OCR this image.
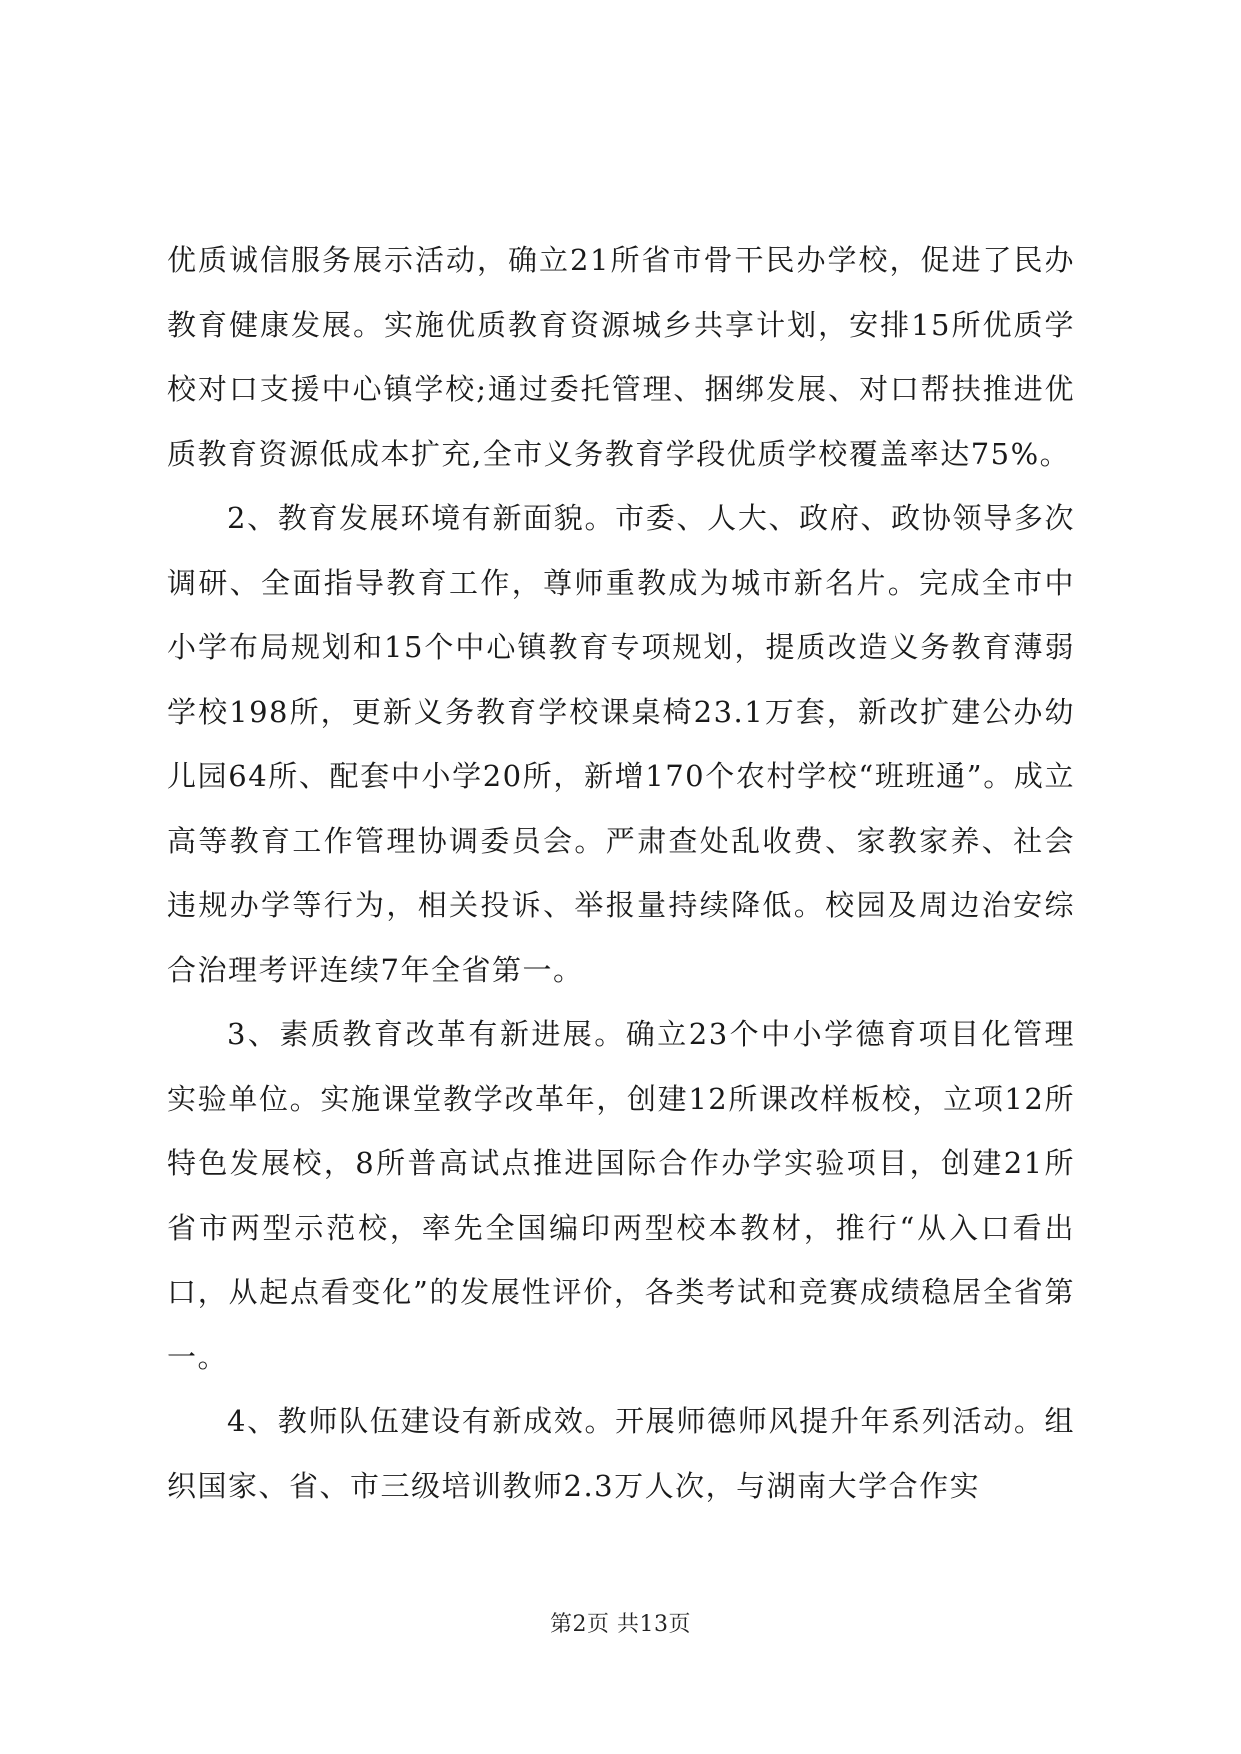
优质诚信服务展示活动，确立21所省市骨干民办学校，促进了民办教育健康发展。实施优质教育资源城乡共享计划，安排15所优质学校对口支援中心镇学校;通过委托管理、捆绑发展、对口帮扶推进优质教育资源低成本扩充,全市义务教育学段优质学校覆盖率达75%。

2、教育发展环境有新面貌。市委、人大、政府、政协领导多次调研、全面指导教育工作，尊师重教成为城市新名片。完成全市中小学布局规划和15个中心镇教育专项规划，提质改造义务教育薄弱学校198所，更新义务教育学校课桌椅23.1万套，新改扩建公办幼儿园64所、配套中小学20所，新增170个农村学校“班班通”。成立高等教育工作管理协调委员会。严肃查处乱收费、家教家养、社会违规办学等行为，相关投诉、举报量持续降低。校园及周边治安综合治理考评连续7年全省第一。

3、素质教育改革有新进展。确立23个中小学德育项目化管理实验单位。实施课堂教学改革年，创建12所课改样板校，立项12所特色发展校，8所普高试点推进国际合作办学实验项目，创建21所省市两型示范校，率先全国编印两型校本教材，推行“从入口看出口，从起点看变化”的发展性评价，各类考试和竞赛成绩稳居全省第一。

4、教师队伍建设有新成效。开展师德师风提升年系列活动。组织国家、省、市三级培训教师2.3万人次，与湖南大学合作实

第2页 共13页
